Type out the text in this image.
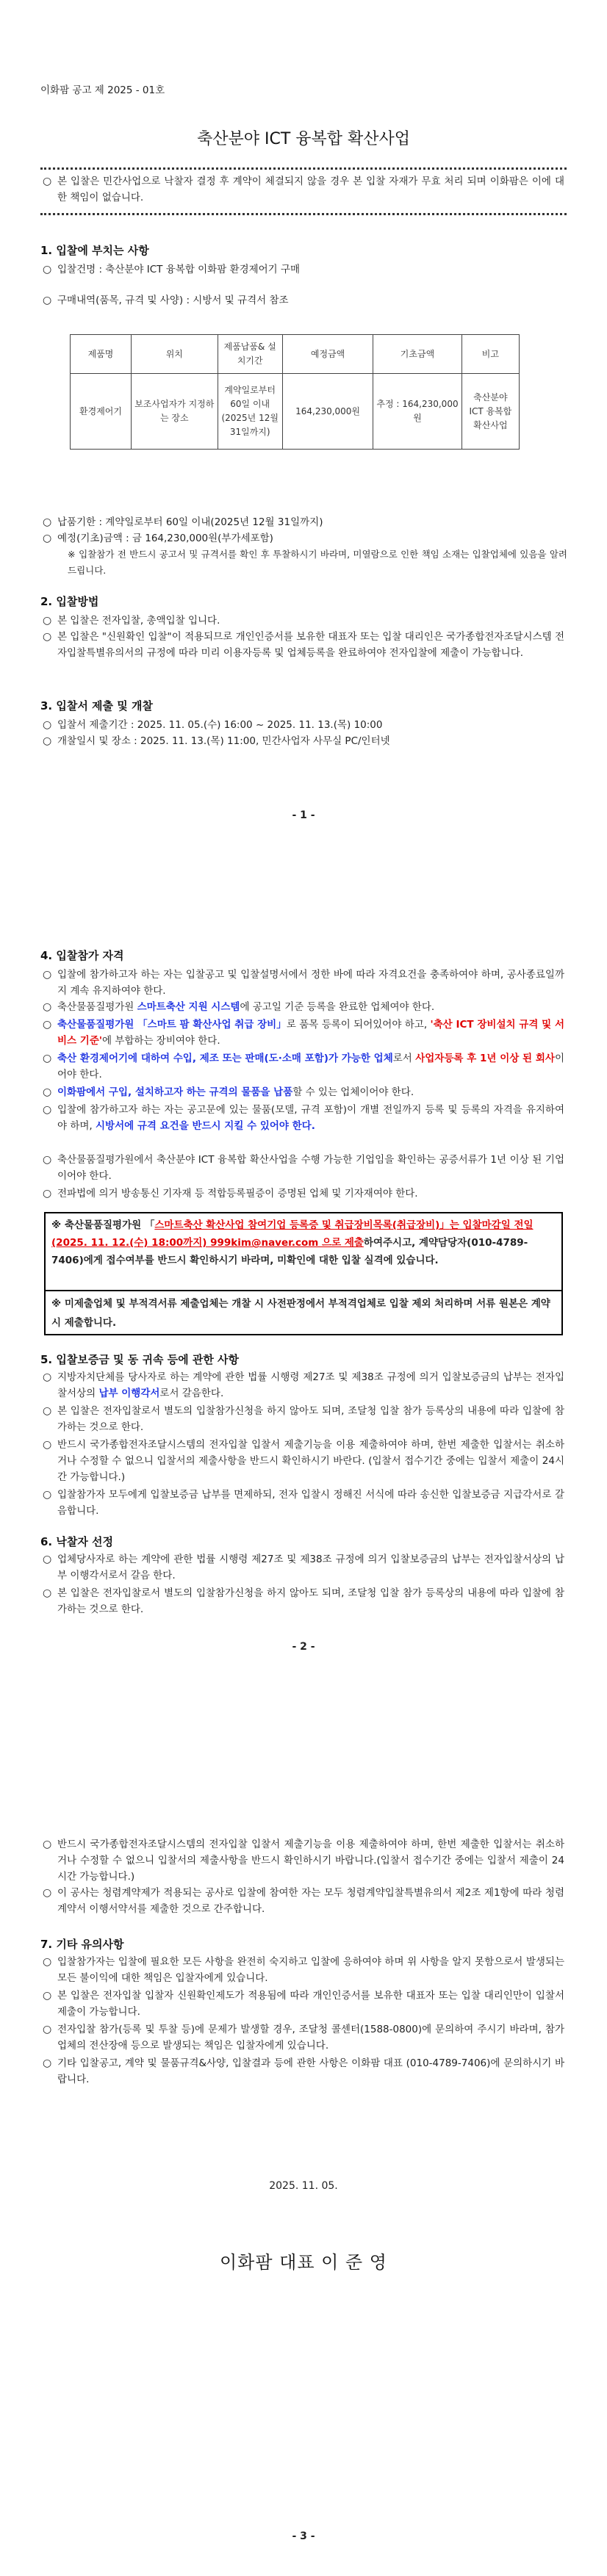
이화팜 공고 제 2025 - 01호
축산분야 ICT 융복합 확산사업
○ 본 입찰은 민간사업으로 낙찰자 결정 후 계약이 체결되지 않을 경우 본 입찰 자재가 무효 처리 되며 이화팜은 이에 대한 책임이 없습니다.
1. 입찰에 부치는 사항
○ 입찰건명 : 축산분야 ICT 융복합 이화팜 환경제어기 구매
○ 구매내역(품목, 규격 및 사양) : 시방서 및 규격서 참조
제품명	위치	제품납품& 설치기간	예정금액	기초금액	비고
환경제어기	보조사업자가 지정하는 장소	계약일로부터 60일 이내 (2025년 12월 31일까지)	164,230,000원	추정 : 164,230,000원	축산분야 ICT 융복합 확산사업
○ 납품기한 : 계약일로부터 60일 이내(2025년 12월 31일까지)
○ 예정(기초)금액 : 금 164,230,000원(부가세포함)
※ 입찰참가 전 반드시 공고서 및 규격서를 확인 후 투찰하시기 바라며, 미열람으로 인한 책임 소재는 입찰업체에 있음을 알려드립니다.
2. 입찰방법
○ 본 입찰은 전자입찰, 총액입찰 입니다.
○ 본 입찰은 "신원확인 입찰"이 적용되므로 개인인증서를 보유한 대표자 또는 입찰 대리인은 국가종합전자조달시스템 전자입찰특별유의서의 규정에 따라 미리 이용자등록 및 업체등록을 완료하여야 전자입찰에 제출이 가능합니다.
3. 입찰서 제출 및 개찰
○ 입찰서 제출기간 : 2025. 11. 05.(수) 16:00 ~ 2025. 11. 13.(목) 10:00
○ 개찰일시 및 장소 : 2025. 11. 13.(목) 11:00, 민간사업자 사무실 PC/인터넷
- 1 -
4. 입찰참가 자격
○ 입찰에 참가하고자 하는 자는 입찰공고 및 입찰설명서에서 정한 바에 따라 자격요건을 충족하여야 하며, 공사종료일까지 계속 유지하여야 한다.
○ 축산물품질평가원 스마트축산 지원 시스템에 공고일 기준 등록을 완료한 업체여야 한다.
○ 축산물품질평가원 「스마트 팜 확산사업 취급 장비」로 품목 등록이 되어있어야 하고, '축산 ICT 장비설치 규격 및 서비스 기준'에 부합하는 장비여야 한다.
○ 축산 환경제어기에 대하여 수입, 제조 또는 판매(도·소매 포함)가 가능한 업체로서 사업자등록 후 1년 이상 된 회사이어야 한다.
○ 이화팜에서 구입, 설치하고자 하는 규격의 물품을 납품할 수 있는 업체이어야 한다.
○ 입찰에 참가하고자 하는 자는 공고문에 있는 물품(모델, 규격 포함)이 개별 전일까지 등록 및 등록의 자격을 유지하여야 하며, 시방서에 규격 요건을 반드시 지킬 수 있어야 한다.
○ 축산물품질평가원에서 축산분야 ICT 융복합 확산사업을 수행 가능한 기업임을 확인하는 공증서류가 1년 이상 된 기업이어야 한다.
○ 전파법에 의거 방송통신 기자재 등 적합등록필증이 증명된 업체 및 기자재여야 한다.
※ 축산물품질평가원 「스마트축산 확산사업 참여기업 등록증 및 취급장비목록(취급장비)」는 입찰마감일 전일(2025. 11. 12.(수) 18:00까지) 999kim@naver.com 으로 제출하여주시고, 계약담당자(010-4789-7406)에게 접수여부를 반드시 확인하시기 바라며, 미확인에 대한 입찰 실격에 있습니다.
※ 미제출업체 및 부적격서류 제출업체는 개찰 시 사전판정에서 부적격업체로 입찰 제외 처리하며 서류 원본은 계약 시 제출합니다.
5. 입찰보증금 및 동 귀속 등에 관한 사항
○ 지방자치단체를 당사자로 하는 계약에 관한 법률 시행령 제27조 및 제38조 규정에 의거 입찰보증금의 납부는 전자입찰서상의 납부 이행각서로서 갈음한다.
○ 본 입찰은 전자입찰로서 별도의 입찰참가신청을 하지 않아도 되며, 조달청 입찰 참가 등록상의 내용에 따라 입찰에 참가하는 것으로 한다.
○ 반드시 국가종합전자조달시스템의 전자입찰 입찰서 제출기능을 이용 제출하여야 하며, 한번 제출한 입찰서는 취소하거나 수정할 수 없으니 입찰서의 제출사항을 반드시 확인하시기 바란다. (입찰서 접수기간 중에는 입찰서 제출이 24시간 가능합니다.)
○ 입찰참가자 모두에게 입찰보증금 납부를 면제하되, 전자 입찰시 정해진 서식에 따라 송신한 입찰보증금 지급각서로 갈음합니다.
6. 낙찰자 선정
○ 업체당사자로 하는 계약에 관한 법률 시행령 제27조 및 제38조 규정에 의거 입찰보증금의 납부는 전자입찰서상의 납부 이행각서로서 갈음 한다.
○ 본 입찰은 전자입찰로서 별도의 입찰참가신청을 하지 않아도 되며, 조달청 입찰 참가 등록상의 내용에 따라 입찰에 참가하는 것으로 한다.
- 2 -
○ 반드시 국가종합전자조달시스템의 전자입찰 입찰서 제출기능을 이용 제출하여야 하며, 한번 제출한 입찰서는 취소하거나 수정할 수 없으니 입찰서의 제출사항을 반드시 확인하시기 바랍니다.(입찰서 접수기간 중에는 입찰서 제출이 24시간 가능합니다.)
○ 이 공사는 청렴계약제가 적용되는 공사로 입찰에 참여한 자는 모두 청렴계약입찰특별유의서 제2조 제1항에 따라 청렴계약서 이행서약서를 제출한 것으로 간주합니다.
7. 기타 유의사항
○ 입찰참가자는 입찰에 필요한 모든 사항을 완전히 숙지하고 입찰에 응하여야 하며 위 사항을 알지 못함으로서 발생되는 모든 불이익에 대한 책임은 입찰자에게 있습니다.
○ 본 입찰은 전자입찰 입찰자 신원확인제도가 적용됨에 따라 개인인증서를 보유한 대표자 또는 입찰 대리인만이 입찰서 제출이 가능합니다.
○ 전자입찰 참가(등록 및 투찰 등)에 문제가 발생할 경우, 조달청 콜센터(1588-0800)에 문의하여 주시기 바라며, 참가 업체의 전산장애 등으로 발생되는 책임은 입찰자에게 있습니다.
○ 기타 입찰공고, 계약 및 물품규격&사양, 입찰결과 등에 관한 사항은 이화팜 대표 (010-4789-7406)에 문의하시기 바랍니다.
2025. 11. 05.
이화팜 대표 이 준 영
- 3 -
